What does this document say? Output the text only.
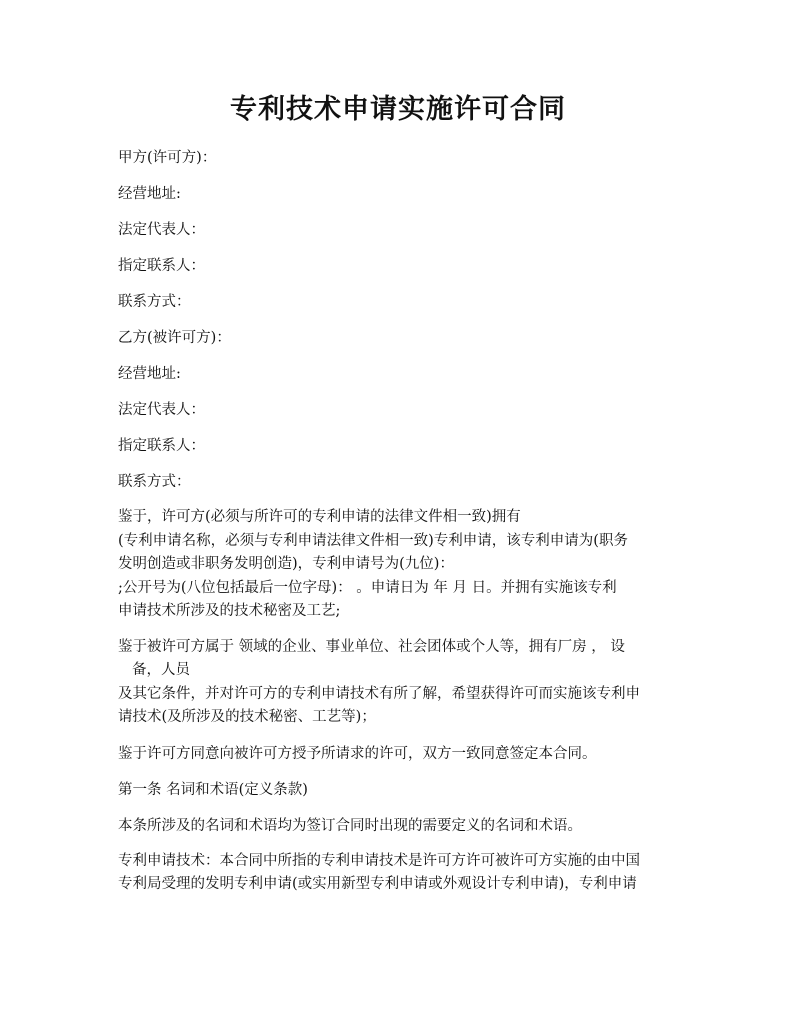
专利技术申请实施许可合同

甲方(许可方)：

经营地址:

法定代表人：

指定联系人：

联系方式：

乙方(被许可方)：

经营地址:

法定代表人：

指定联系人：

联系方式：

鉴于，许可方(必须与所许可的专利申请的法律文件相一致)拥有
(专利申请名称，必须与专利申请法律文件相一致)专利申请，该专利申请为(职务
发明创造或非职务发明创造)，专利申请号为(九位)：
;公开号为(八位包括最后一位字母)： 。申请日为 年 月 日。并拥有实施该专利
申请技术所涉及的技术秘密及工艺;
鉴于被许可方属于 领域的企业、事业单位、社会团体或个人等，拥有厂房 ， 设
备，人员
及其它条件，并对许可方的专利申请技术有所了解，希望获得许可而实施该专利申
请技术(及所涉及的技术秘密、工艺等)；

鉴于许可方同意向被许可方授予所请求的许可，双方一致同意签定本合同。

第一条 名词和术语(定义条款)

本条所涉及的名词和术语均为签订合同时出现的需要定义的名词和术语。

专利申请技术：本合同中所指的专利申请技术是许可方许可被许可方实施的由中国
专利局受理的发明专利申请(或实用新型专利申请或外观设计专利申请)，专利申请
